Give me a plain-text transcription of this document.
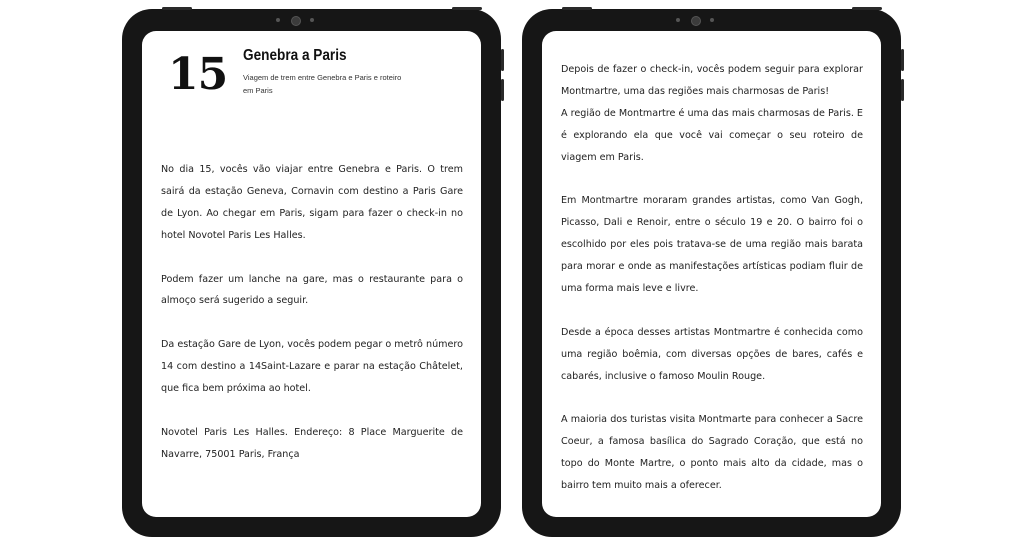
15 Genebra a Paris
Viagem de trem entre Genebra e Paris e roteiro em Paris

No dia 15, vocês vão viajar entre Genebra e Paris. O trem sairá da estação Geneva, Cornavin com destino a Paris Gare de Lyon. Ao chegar em Paris, sigam para fazer o check-in no hotel Novotel Paris Les Halles.

Podem fazer um lanche na gare, mas o restaurante para o almoço será sugerido a seguir.

Da estação Gare de Lyon, vocês podem pegar o metrô número 14 com destino a 14Saint-Lazare e parar na estação Châtelet, que fica bem próxima ao hotel.

Novotel Paris Les Halles. Endereço: 8 Place Marguerite de Navarre, 75001 Paris, França

Depois de fazer o check-in, vocês podem seguir para explorar Montmartre, uma das regiões mais charmosas de Paris!

A região de Montmartre é uma das mais charmosas de Paris. E é explorando ela que você vai começar o seu roteiro de viagem em Paris.

Em Montmartre moraram grandes artistas, como Van Gogh, Picasso, Dali e Renoir, entre o século 19 e 20. O bairro foi o escolhido por eles pois tratava-se de uma região mais barata para morar e onde as manifestações artísticas podiam fluir de uma forma mais leve e livre.

Desde a época desses artistas Montmartre é conhecida como uma região boêmia, com diversas opções de bares, cafés e cabarés, inclusive o famoso Moulin Rouge.

A maioria dos turistas visita Montmarte para conhecer a Sacre Coeur, a famosa basílica do Sagrado Coração, que está no topo do Monte Martre, o ponto mais alto da cidade, mas o bairro tem muito mais a oferecer.
